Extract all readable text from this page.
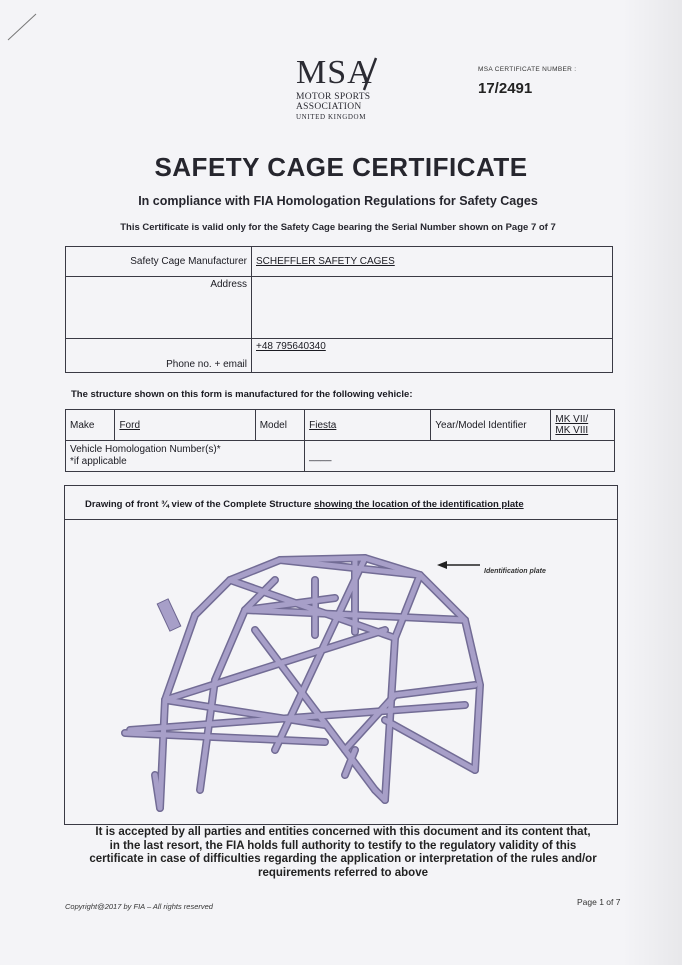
MSA
MOTOR SPORTS
ASSOCIATION
UNITED KINGDOM
MSA CERTIFICATE NUMBER :
17/2491
SAFETY CAGE CERTIFICATE
In compliance with FIA Homologation Regulations for Safety Cages
This Certificate is valid only for the Safety Cage bearing the Serial Number shown on Page 7 of 7
Safety Cage Manufacturer	SCHEFFLER SAFETY CAGES
Address	
Phone no. + email	+48 795640340
The structure shown on this form is manufactured for the following vehicle:
Make	Ford	Model	Fiesta	Year/Model Identifier	MK VII/
MK VIII
Vehicle Homologation Number(s)*
*if applicable			____		
Drawing of front ¾ view of the Complete Structure showing the location of the identification plate
Identification plate
It is accepted by all parties and entities concerned with this document and its content that,
in the last resort, the FIA holds full authority to testify to the regulatory validity of this
certificate in case of difficulties regarding the application or interpretation of the rules and/or
requirements referred to above
Copyright@2017 by FIA – All rights reserved	Page 1 of 7
